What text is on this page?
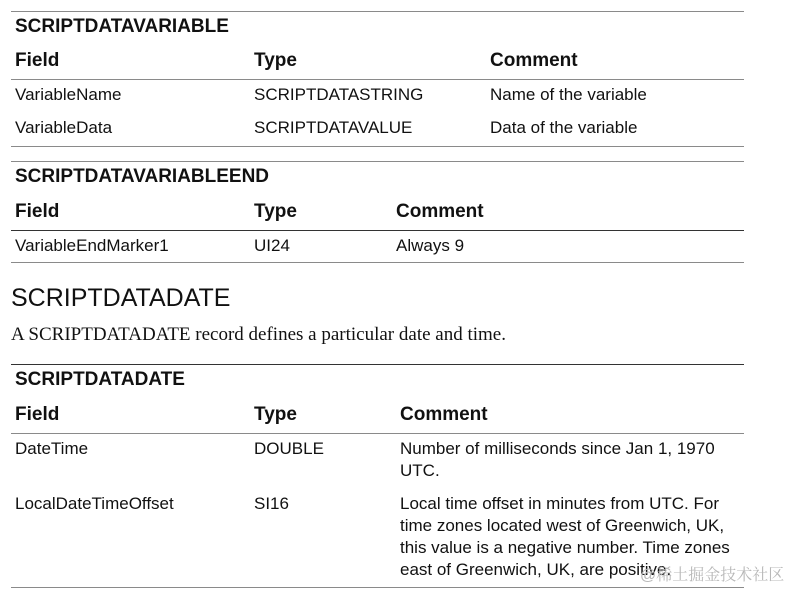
SCRIPTDATAVARIABLE
Field	Type	Comment
VariableName	SCRIPTDATASTRING	Name of the variable
VariableData	SCRIPTDATAVALUE	Data of the variable
SCRIPTDATAVARIABLEEND
Field	Type	Comment
VariableEndMarker1	UI24	Always 9
SCRIPTDATADATE
A SCRIPTDATADATE record defines a particular date and time.
SCRIPTDATADATE
Field	Type	Comment
DateTime	DOUBLE	Number of milliseconds since Jan 1, 1970 UTC.
LocalDateTimeOffset	SI16	Local time offset in minutes from UTC. For time zones located west of Greenwich, UK, this value is a negative number. Time zones east of Greenwich, UK, are positive.
@稀土掘金技术社区
